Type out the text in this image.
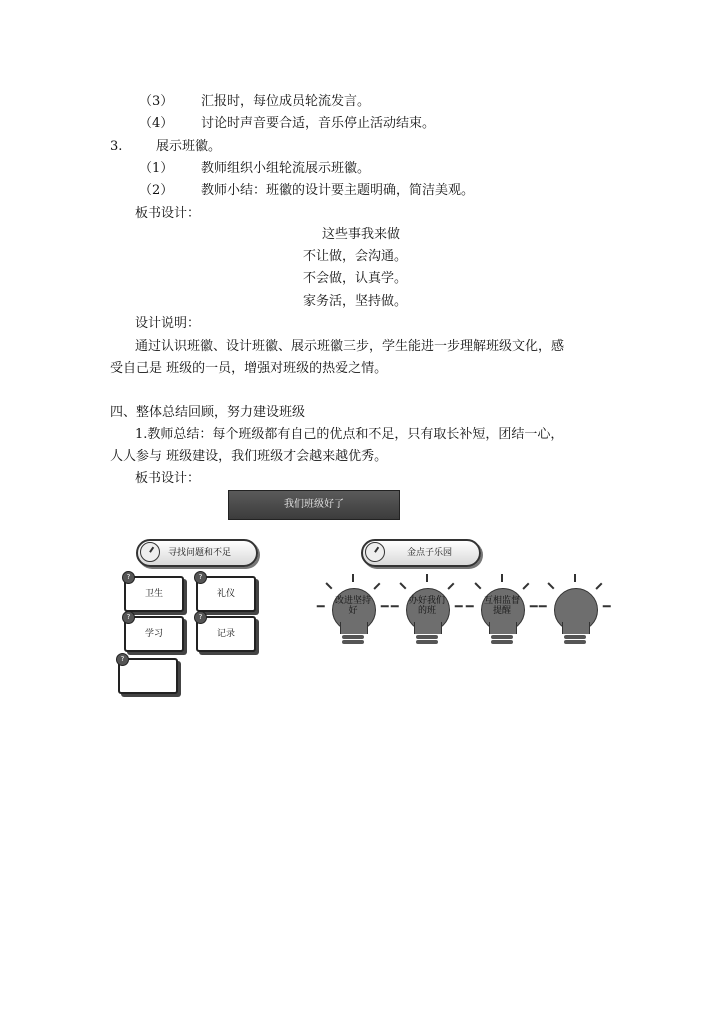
（3） 汇报时，每位成员轮流发言。
（4） 讨论时声音要合适，音乐停止活动结束。
3.	展示班徽。
（1） 教师组织小组轮流展示班徽。
（2） 教师小结：班徽的设计要主题明确，简洁美观。
板书设计：
这些事我来做
不让做，会沟通。
不会做，认真学。
家务活，坚持做。
设计说明：
通过认识班徽、设计班徽、展示班徽三步，学生能进一步理解班级文化，感
受自己是 班级的一员，增强对班级的热爱之情。
四、整体总结回顾，努力建设班级
1.教师总结：每个班级都有自己的优点和不足，只有取长补短，团结一心，
人人参与 班级建设，我们班级才会越来越优秀。
板书设计：
我们班级好了
寻找问题和不足	金点子乐园
?
卫生
?
礼仪
?
学习
?
记录
?
改进坚持好
办好我们的班
互相监督提醒
